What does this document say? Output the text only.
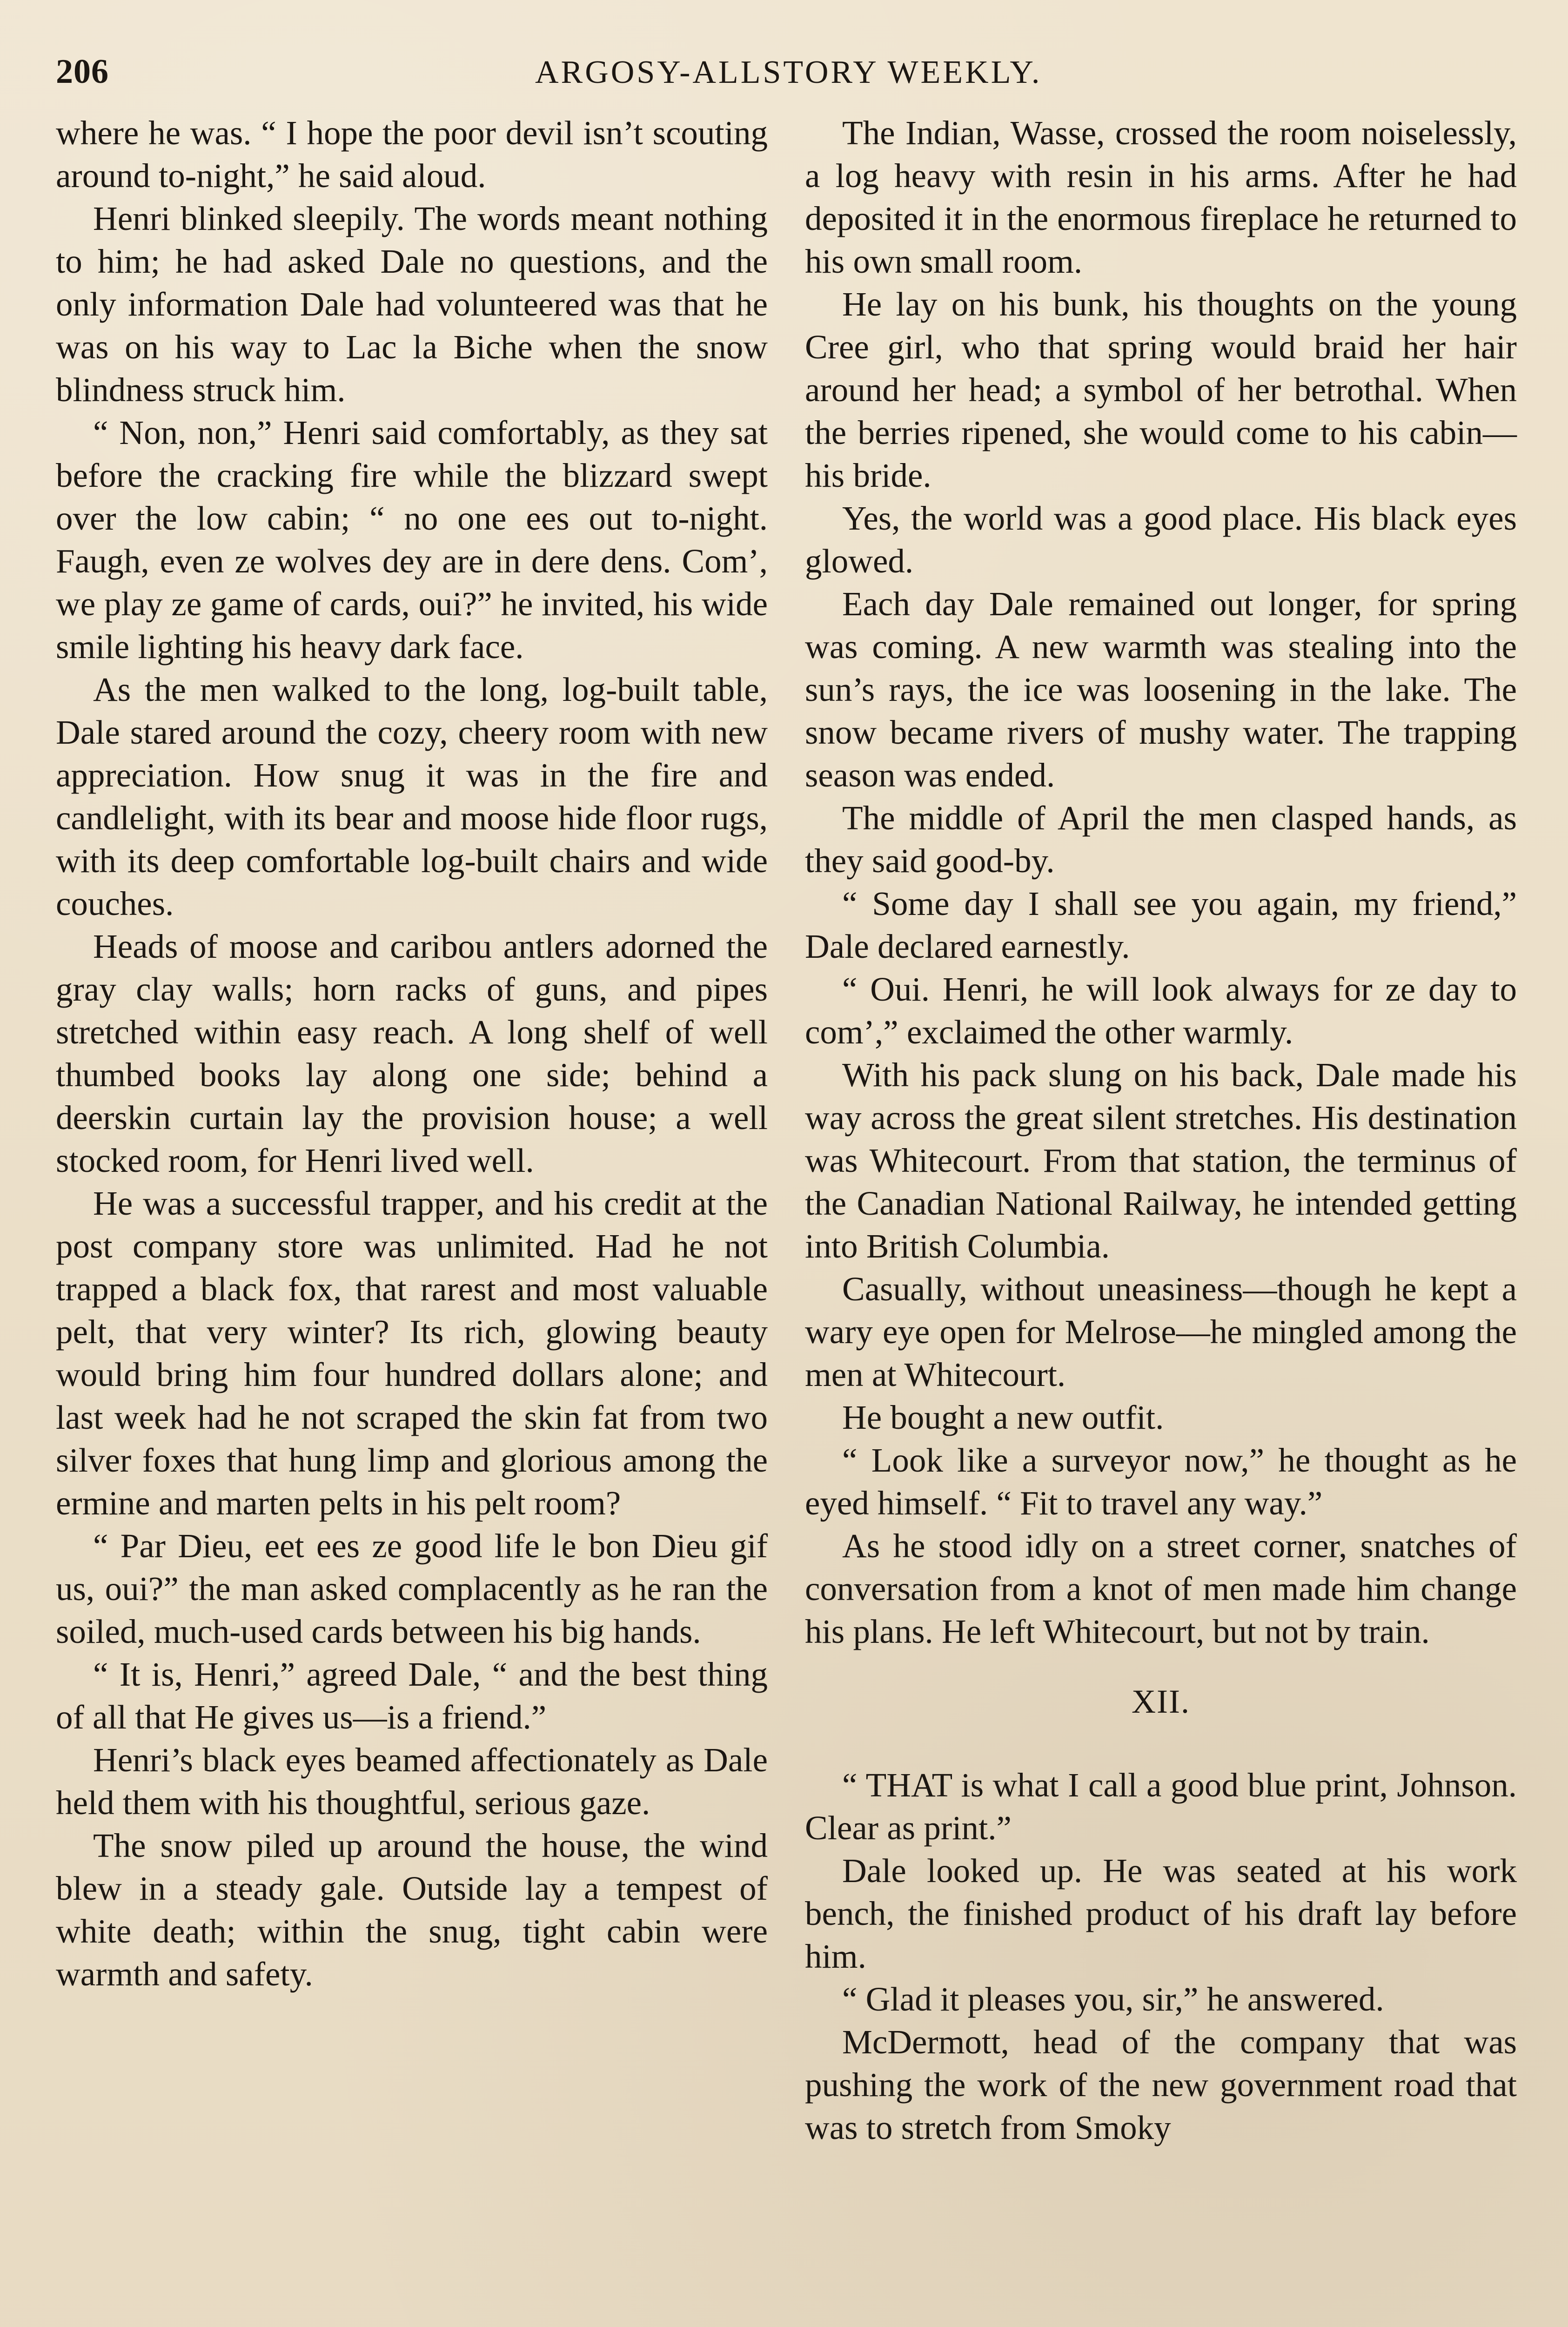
206	ARGOSY-ALLSTORY WEEKLY.

where he was. “ I hope the poor devil isn’t scouting around to-night,” he said aloud.

Henri blinked sleepily. The words meant nothing to him; he had asked Dale no questions, and the only information Dale had volunteered was that he was on his way to Lac la Biche when the snow blindness struck him.

“ Non, non,” Henri said comfortably, as they sat before the cracking fire while the blizzard swept over the low cabin; “ no one ees out to-night. Faugh, even ze wolves dey are in dere dens. Com’, we play ze game of cards, oui?” he invited, his wide smile lighting his heavy dark face.

As the men walked to the long, log-built table, Dale stared around the cozy, cheery room with new appreciation. How snug it was in the fire and candlelight, with its bear and moose hide floor rugs, with its deep comfortable log-built chairs and wide couches.

Heads of moose and caribou antlers adorned the gray clay walls; horn racks of guns, and pipes stretched within easy reach. A long shelf of well thumbed books lay along one side; behind a deerskin curtain lay the provision house; a well stocked room, for Henri lived well.

He was a successful trapper, and his credit at the post company store was unlimited. Had he not trapped a black fox, that rarest and most valuable pelt, that very winter? Its rich, glowing beauty would bring him four hundred dollars alone; and last week had he not scraped the skin fat from two silver foxes that hung limp and glorious among the ermine and marten pelts in his pelt room?

“ Par Dieu, eet ees ze good life le bon Dieu gif us, oui?” the man asked complacently as he ran the soiled, much-used cards between his big hands.

“ It is, Henri,” agreed Dale, “ and the best thing of all that He gives us—is a friend.”

Henri’s black eyes beamed affectionately as Dale held them with his thoughtful, serious gaze.

The snow piled up around the house, the wind blew in a steady gale. Outside lay a tempest of white death; within the snug, tight cabin were warmth and safety.

The Indian, Wasse, crossed the room noiselessly, a log heavy with resin in his arms. After he had deposited it in the enormous fireplace he returned to his own small room.

He lay on his bunk, his thoughts on the young Cree girl, who that spring would braid her hair around her head; a symbol of her betrothal. When the berries ripened, she would come to his cabin—his bride.

Yes, the world was a good place. His black eyes glowed.

Each day Dale remained out longer, for spring was coming. A new warmth was stealing into the sun’s rays, the ice was loosening in the lake. The snow became rivers of mushy water. The trapping season was ended.

The middle of April the men clasped hands, as they said good-by.

“ Some day I shall see you again, my friend,” Dale declared earnestly.

“ Oui. Henri, he will look always for ze day to com’,” exclaimed the other warmly.

With his pack slung on his back, Dale made his way across the great silent stretches. His destination was Whitecourt. From that station, the terminus of the Canadian National Railway, he intended getting into British Columbia.

Casually, without uneasiness—though he kept a wary eye open for Melrose—he mingled among the men at Whitecourt.

He bought a new outfit.

“ Look like a surveyor now,” he thought as he eyed himself. “ Fit to travel any way.”

As he stood idly on a street corner, snatches of conversation from a knot of men made him change his plans. He left Whitecourt, but not by train.

XII.

“ THAT is what I call a good blue print, Johnson. Clear as print.”

Dale looked up. He was seated at his work bench, the finished product of his draft lay before him.

“ Glad it pleases you, sir,” he answered.

McDermott, head of the company that was pushing the work of the new government road that was to stretch from Smoky
